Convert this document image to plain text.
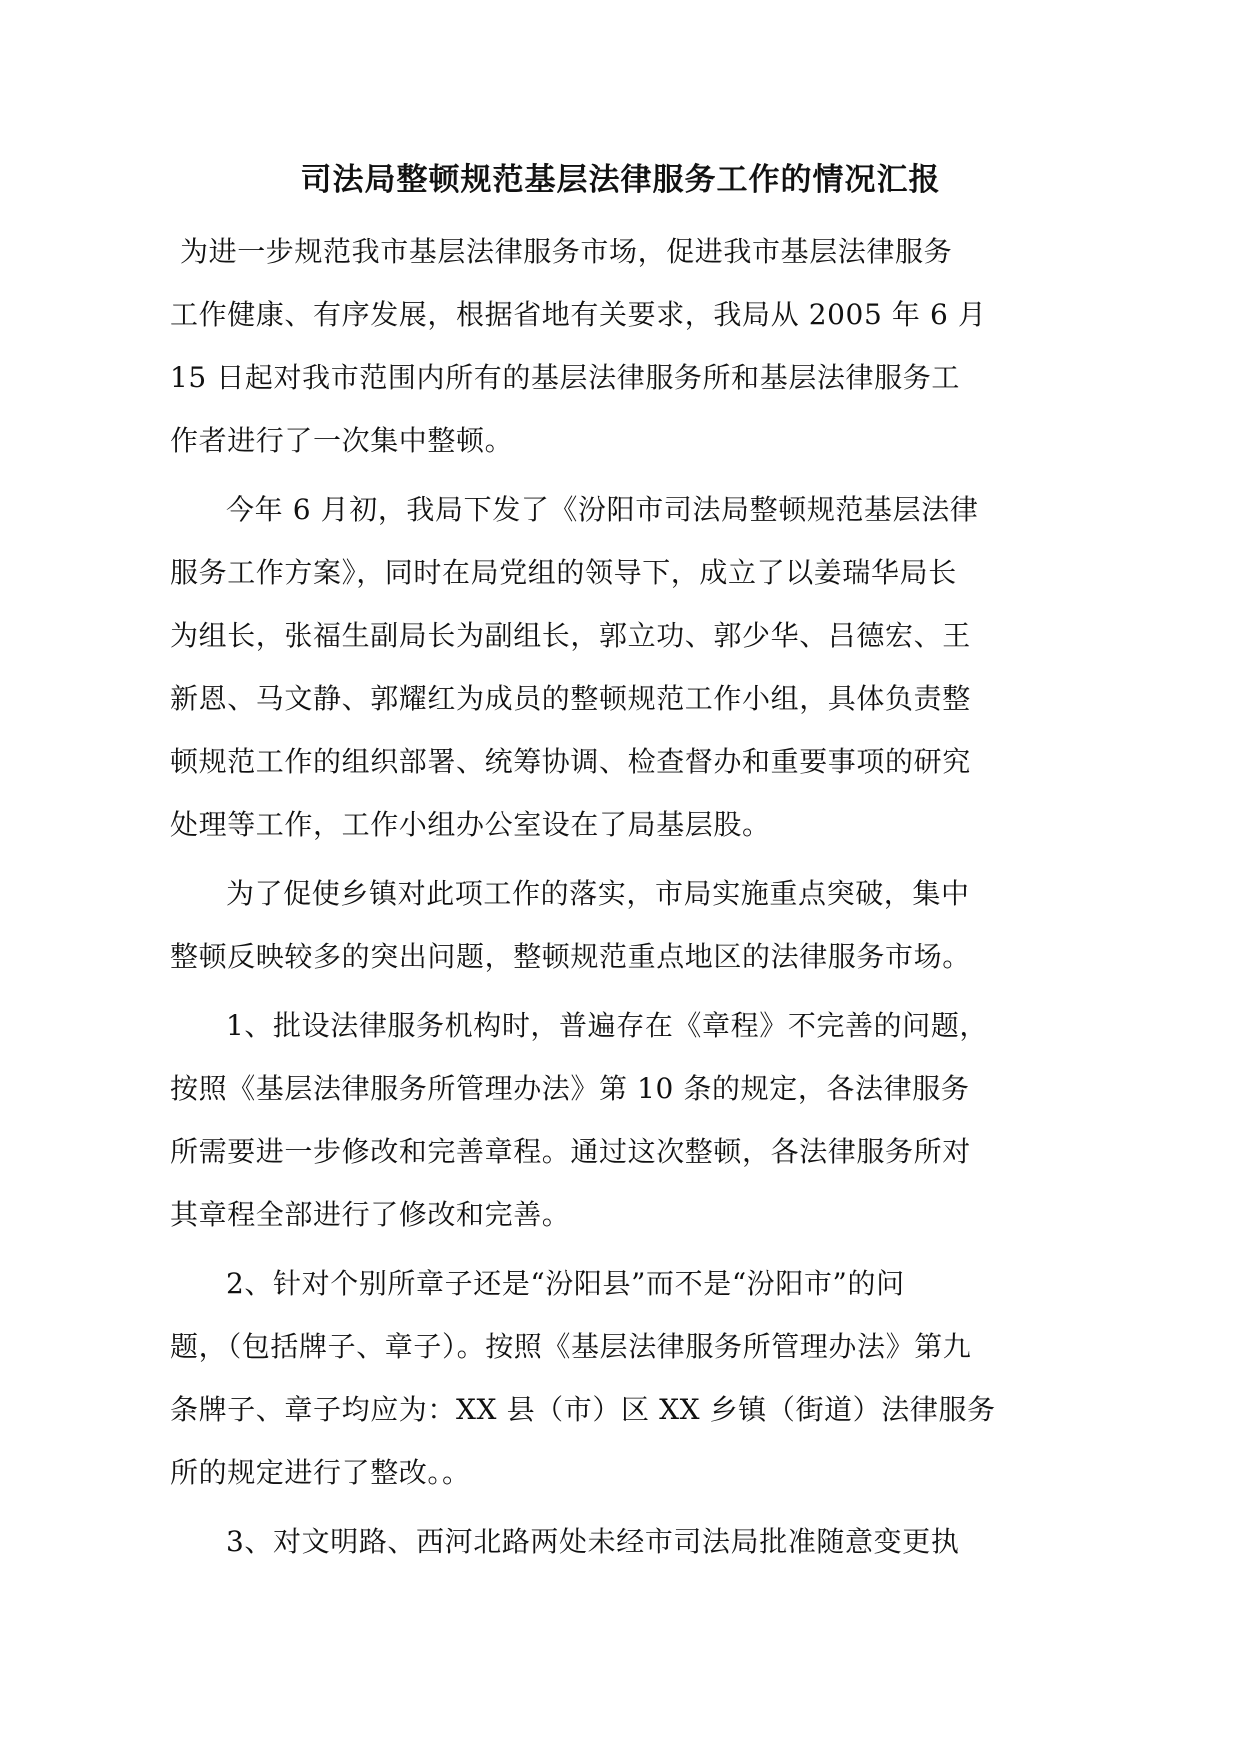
司法局整顿规范基层法律服务工作的情况汇报

为进一步规范我市基层法律服务市场，促进我市基层法律服务

工作健康、有序发展，根据省地有关要求，我局从 2005 年 6 月

15 日起对我市范围内所有的基层法律服务所和基层法律服务工

作者进行了一次集中整顿。

今年 6 月初，我局下发了《汾阳市司法局整顿规范基层法律

服务工作方案》，同时在局党组的领导下，成立了以姜瑞华局长

为组长，张福生副局长为副组长，郭立功、郭少华、吕德宏、王

新恩、马文静、郭耀红为成员的整顿规范工作小组，具体负责整

顿规范工作的组织部署、统筹协调、检查督办和重要事项的研究

处理等工作，工作小组办公室设在了局基层股。

为了促使乡镇对此项工作的落实，市局实施重点突破，集中

整顿反映较多的突出问题，整顿规范重点地区的法律服务市场。

1、批设法律服务机构时，普遍存在《章程》不完善的问题，

按照《基层法律服务所管理办法》第 10 条的规定，各法律服务

所需要进一步修改和完善章程。通过这次整顿，各法律服务所对

其章程全部进行了修改和完善。

2、针对个别所章子还是“汾阳县”而不是“汾阳市”的问

题，（包括牌子、章子）。按照《基层法律服务所管理办法》第九

条牌子、章子均应为：XX 县（市）区 XX 乡镇（街道）法律服务

所的规定进行了整改。。

3、对文明路、西河北路两处未经市司法局批准随意变更执
